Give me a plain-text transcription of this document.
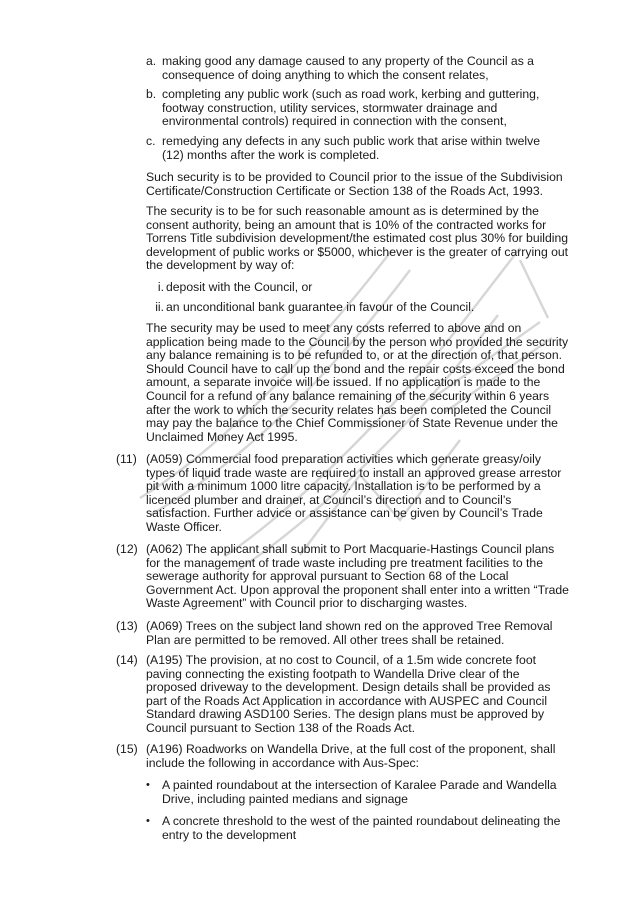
a. making good any damage caused to any property of the Council as a consequence of doing anything to which the consent relates,
b. completing any public work (such as road work, kerbing and guttering, footway construction, utility services, stormwater drainage and environmental controls) required in connection with the consent,
c. remedying any defects in any such public work that arise within twelve (12) months after the work is completed.
Such security is to be provided to Council prior to the issue of the Subdivision Certificate/Construction Certificate or Section 138 of the Roads Act, 1993.
The security is to be for such reasonable amount as is determined by the consent authority, being an amount that is 10% of the contracted works for Torrens Title subdivision development/the estimated cost plus 30% for building development of public works or $5000, whichever is the greater of carrying out the development by way of:
i. deposit with the Council, or
ii. an unconditional bank guarantee in favour of the Council.
The security may be used to meet any costs referred to above and on application being made to the Council by the person who provided the security any balance remaining is to be refunded to, or at the direction of, that person. Should Council have to call up the bond and the repair costs exceed the bond amount, a separate invoice will be issued. If no application is made to the Council for a refund of any balance remaining of the security within 6 years after the work to which the security relates has been completed the Council may pay the balance to the Chief Commissioner of State Revenue under the Unclaimed Money Act 1995.
(11) (A059) Commercial food preparation activities which generate greasy/oily types of liquid trade waste are required to install an approved grease arrestor pit with a minimum 1000 litre capacity. Installation is to be performed by a licenced plumber and drainer, at Council’s direction and to Council’s satisfaction. Further advice or assistance can be given by Council’s Trade Waste Officer.
(12) (A062) The applicant shall submit to Port Macquarie-Hastings Council plans for the management of trade waste including pre treatment facilities to the sewerage authority for approval pursuant to Section 68 of the Local Government Act. Upon approval the proponent shall enter into a written “Trade Waste Agreement” with Council prior to discharging wastes.
(13) (A069) Trees on the subject land shown red on the approved Tree Removal Plan are permitted to be removed. All other trees shall be retained.
(14) (A195) The provision, at no cost to Council, of a 1.5m wide concrete foot paving connecting the existing footpath to Wandella Drive clear of the proposed driveway to the development. Design details shall be provided as part of the Roads Act Application in accordance with AUSPEC and Council Standard drawing ASD100 Series. The design plans must be approved by Council pursuant to Section 138 of the Roads Act.
(15) (A196) Roadworks on Wandella Drive, at the full cost of the proponent, shall include the following in accordance with Aus-Spec:
• A painted roundabout at the intersection of Karalee Parade and Wandella Drive, including painted medians and signage
• A concrete threshold to the west of the painted roundabout delineating the entry to the development
